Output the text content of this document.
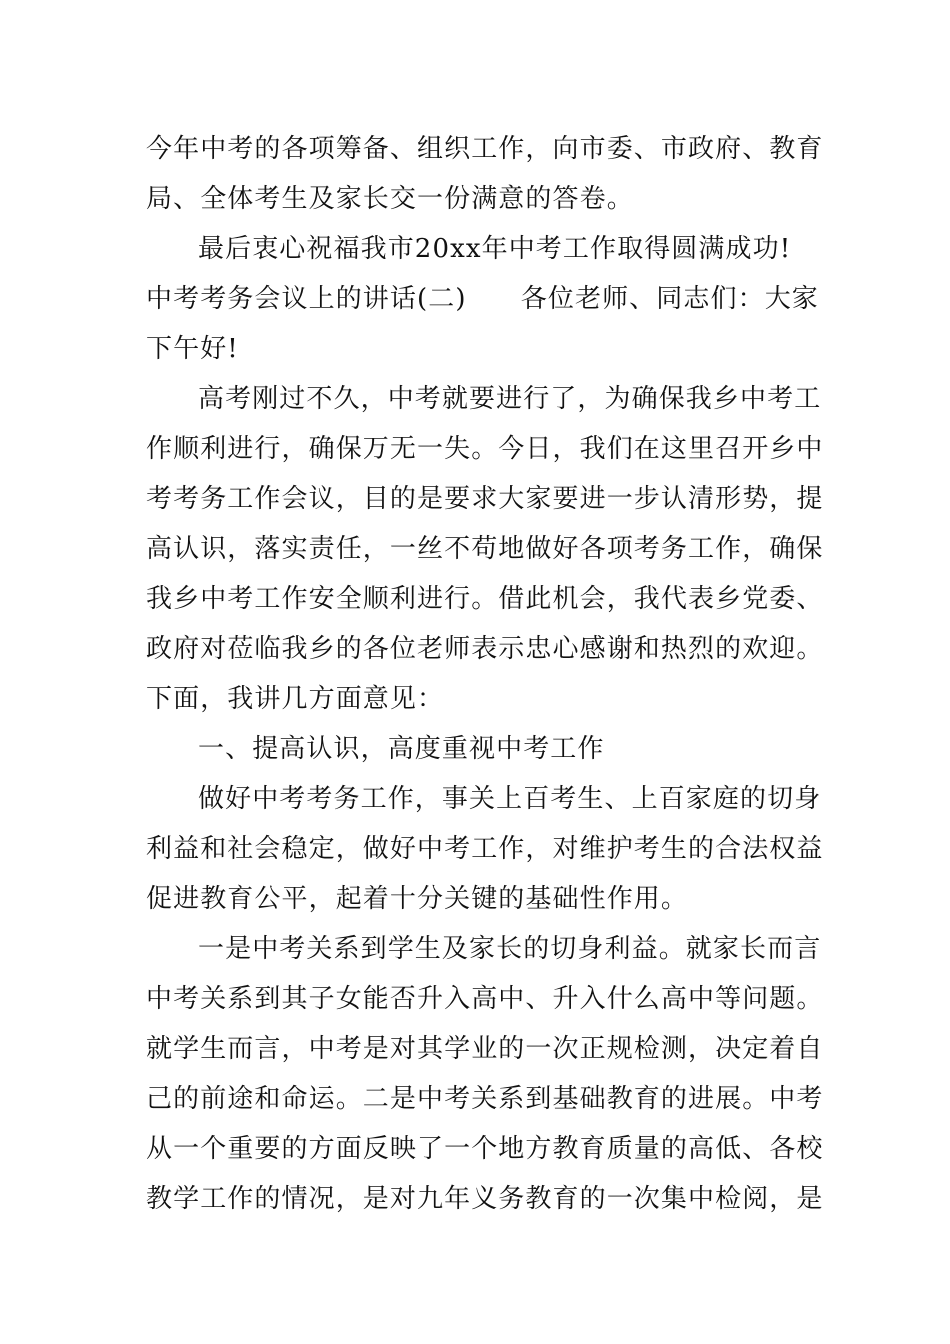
今年中考的各项筹备、组织工作，向市委、市政府、教育
局、全体考生及家长交一份满意的答卷。
最后衷心祝福我市20xx年中考工作取得圆满成功!
中考考务会议上的讲话(二)　　各位老师、同志们：大家
下午好!
高考刚过不久，中考就要进行了，为确保我乡中考工
作顺利进行，确保万无一失。今日，我们在这里召开乡中
考考务工作会议，目的是要求大家要进一步认清形势，提
高认识，落实责任，一丝不苟地做好各项考务工作，确保
我乡中考工作安全顺利进行。借此机会，我代表乡党委、
政府对莅临我乡的各位老师表示忠心感谢和热烈的欢迎。
下面，我讲几方面意见：
一、提高认识，高度重视中考工作
做好中考考务工作，事关上百考生、上百家庭的切身
利益和社会稳定，做好中考工作，对维护考生的合法权益
促进教育公平，起着十分关键的基础性作用。
一是中考关系到学生及家长的切身利益。就家长而言
中考关系到其子女能否升入高中、升入什么高中等问题。
就学生而言，中考是对其学业的一次正规检测，决定着自
己的前途和命运。二是中考关系到基础教育的进展。中考
从一个重要的方面反映了一个地方教育质量的高低、各校
教学工作的情况，是对九年义务教育的一次集中检阅，是
